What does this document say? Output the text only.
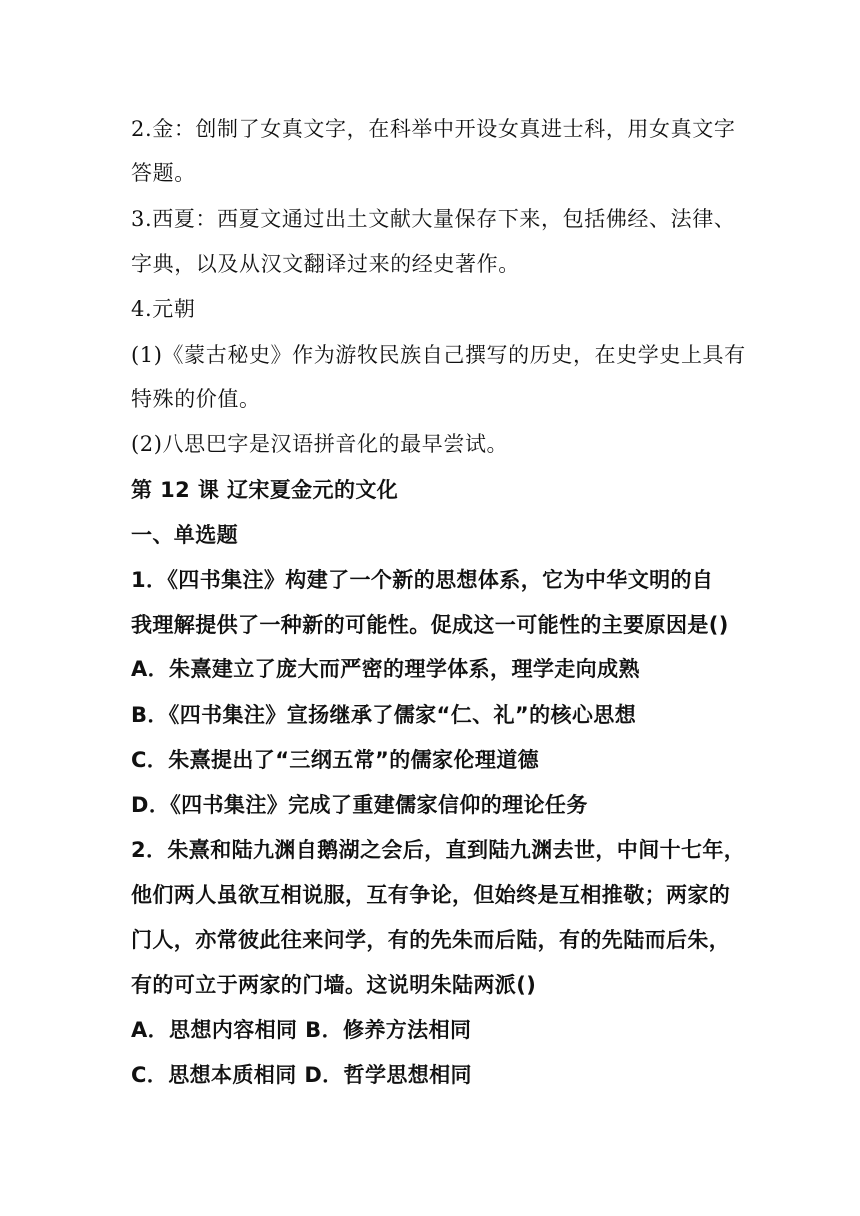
2.金：创制了女真文字，在科举中开设女真进士科，用女真文字
答题。
3.西夏：西夏文通过出土文献大量保存下来，包括佛经、法律、
字典，以及从汉文翻译过来的经史著作。
4.元朝
(1)《蒙古秘史》作为游牧民族自己撰写的历史，在史学史上具有
特殊的价值。
(2)八思巴字是汉语拼音化的最早尝试。
第 12 课 辽宋夏金元的文化
一、单选题
1．《四书集注》构建了一个新的思想体系，它为中华文明的自
我理解提供了一种新的可能性。促成这一可能性的主要原因是()
A．朱熹建立了庞大而严密的理学体系，理学走向成熟
B．《四书集注》宣扬继承了儒家“仁、礼”的核心思想
C．朱熹提出了“三纲五常”的儒家伦理道德
D．《四书集注》完成了重建儒家信仰的理论任务
2．朱熹和陆九渊自鹅湖之会后，直到陆九渊去世，中间十七年，
他们两人虽欲互相说服，互有争论，但始终是互相推敬；两家的
门人，亦常彼此往来问学，有的先朱而后陆，有的先陆而后朱，
有的可立于两家的门墙。这说明朱陆两派()
A．思想内容相同 B．修养方法相同
C．思想本质相同 D．哲学思想相同
